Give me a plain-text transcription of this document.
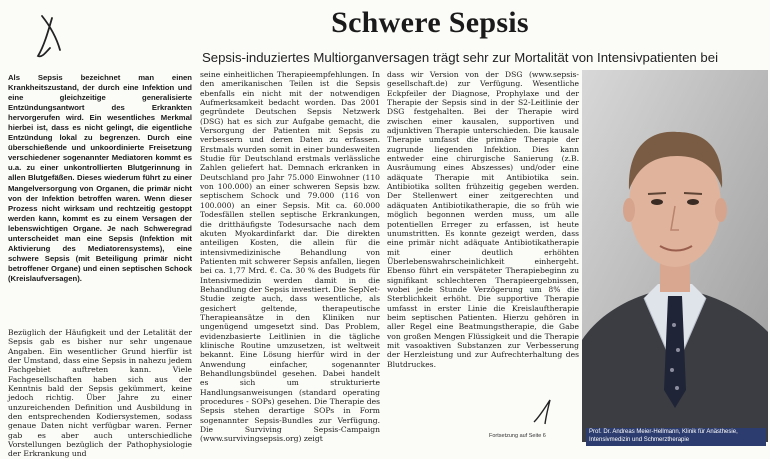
Schwere Sepsis
Sepsis-induziertes Multiorganversagen trägt sehr zur Mortalität von Intensivpatienten bei

Als Sepsis bezeichnet man einen Krankheitszustand, der durch eine Infektion und eine gleichzeitige generalisierte Entzündungsantwort des Erkrankten hervorgerufen wird. Ein wesentliches Merkmal hierbei ist, dass es nicht gelingt, die eigentliche Entzündung lokal zu begrenzen. Durch eine überschießende und unkoordinierte Freisetzung verschiedener sogenannter Mediatoren kommt es u.a. zu einer unkontrollierten Blutgerinnung in allen Blutgefäßen. Dieses wiederum führt zu einer Mangelversorgung von Organen, die primär nicht von der Infektion betroffen waren. Wenn dieser Prozess nicht wirksam und rechtzeitig gestoppt werden kann, kommt es zu einem Versagen der lebenswichtigen Organe. Je nach Schweregrad unterscheidet man eine Sepsis (Infektion mit Aktivierung des Mediatorensystems), eine schwere Sepsis (mit Beteiligung primär nicht betroffener Organe) und einen septischen Schock (Kreislaufversagen).

Bezüglich der Häufigkeit und der Letalität der Sepsis gab es bisher nur sehr ungenaue Angaben. Ein wesentlicher Grund hierfür ist der Umstand, dass eine Sepsis in nahezu jedem Fachgebiet auftreten kann. Viele Fachgesellschaften haben sich aus der Kenntnis bald der Sepsis gekümmert, keine jedoch richtig. Über Jahre zu einer unzureichenden Definition und Ausbildung in den entsprechenden Kodiersystemen, sodass genaue Daten nicht verfügbar waren. Ferner gab es aber auch unterschiedliche Vorstellungen bezüglich der Pathophysiologie der Erkrankung und

seine einheitlichen Therapieempfehlungen. In den amerikanischen Teilen ist die Sepsis ebenfalls ein nicht mit der notwendigen Aufmerksamkeit bedacht worden. Das 2001 gegründete Deutschen Sepsis Netzwerk (DSG) hat es sich zur Aufgabe gemacht, die Versorgung der Patienten mit Sepsis zu verbessern und deren Daten zu erfassen. Erstmals wurden somit in einer bundesweiten Studie für Deutschland erstmals verlässliche Zahlen geliefert hat. Demnach erkranken in Deutschland pro Jahr 75.000 Einwohner (110 von 100.000) an einer schweren Sepsis bzw. septischem Schock und 79.000 (116 von 100.000) an einer Sepsis. Mit ca. 60.000 Todesfällen stellen septische Erkrankungen, die dritthäufigste Todesursache nach dem akuten Myokardinfarkt dar. Die direkten anteiligen Kosten, die allein für die intensivmedizinische Behandlung von Patienten mit schwerer Sepsis anfallen, liegen bei ca. 1,77 Mrd. €. Ca. 30 % des Budgets für Intensivmedizin werden damit in die Behandlung der Sepsis investiert. Die SepNet-Studie zeigte auch, dass wesentliche, als gesichert geltende, therapeutische Therapieansätze in den Kliniken nur ungenügend umgesetzt sind. Das Problem, evidenzbasierte Leitlinien in die tägliche klinische Routine umzusetzen, ist weltweit bekannt. Eine Lösung hierfür wird in der Anwendung einfacher, sogenannter Behandlungsbündel gesehen. Dabei handelt es sich um strukturierte Handlungsanweisungen (standard operating procedures - SOPs) gesehen. Die Therapie des Sepsis stehen derartige SOPs in Form sogenannter Sepsis-Bundles zur Verfügung. Die Surviving Sepsis-Campaign (www.survivingsepsis.org) zeigt

dass wir Version von der DSG (www.sepsis-gesellschaft.de) zur Verfügung. Wesentliche Eckpfeiler der Diagnose, Prophylaxe und der Therapie der Sepsis sind in der S2-Leitlinie der DSG festgehalten. Bei der Therapie wird zwischen einer kausalen, supportiven und adjunktiven Therapie unterschieden. Die kausale Therapie umfasst die primäre Therapie der zugrunde liegenden Infektion. Dies kann entweder eine chirurgische Sanierung (z.B. Ausräumung eines Abszesses) und/oder eine adäquate Therapie mit Antibiotika sein. Antibiotika sollten frühzeitig gegeben werden. Der Stellenwert einer zeitgerechten und adäquaten Antibiotikatherapie, die so früh wie möglich begonnen werden muss, um alle potentiellen Erreger zu erfassen, ist heute unumstritten. Es konnte gezeigt werden, dass eine primär nicht adäquate Antibiotikatherapie mit einer deutlich erhöhten Überlebenswahrscheinlichkeit einhergeht. Ebenso führt ein verspäteter Therapiebeginn zu signifikant schlechteren Therapieergebnissen, wobei jede Stunde Verzögerung um 8% die Sterblichkeit erhöht. Die supportive Therapie umfasst in erster Linie die Kreislauftherapie beim septischen Patienten. Hierzu gehören in aller Regel eine Beatmungstherapie, die Gabe von großen Mengen Flüssigkeit und die Therapie mit vasoaktiven Substanzen zur Verbesserung der Herzleistung und zur Aufrechterhaltung des Blutdruckes.

Fortsetzung auf Seite 6
Prof. Dr. Andreas Meier-Hellmann, Klinik für Anästhesie, Intensivmedizin und Schmerztherapie
